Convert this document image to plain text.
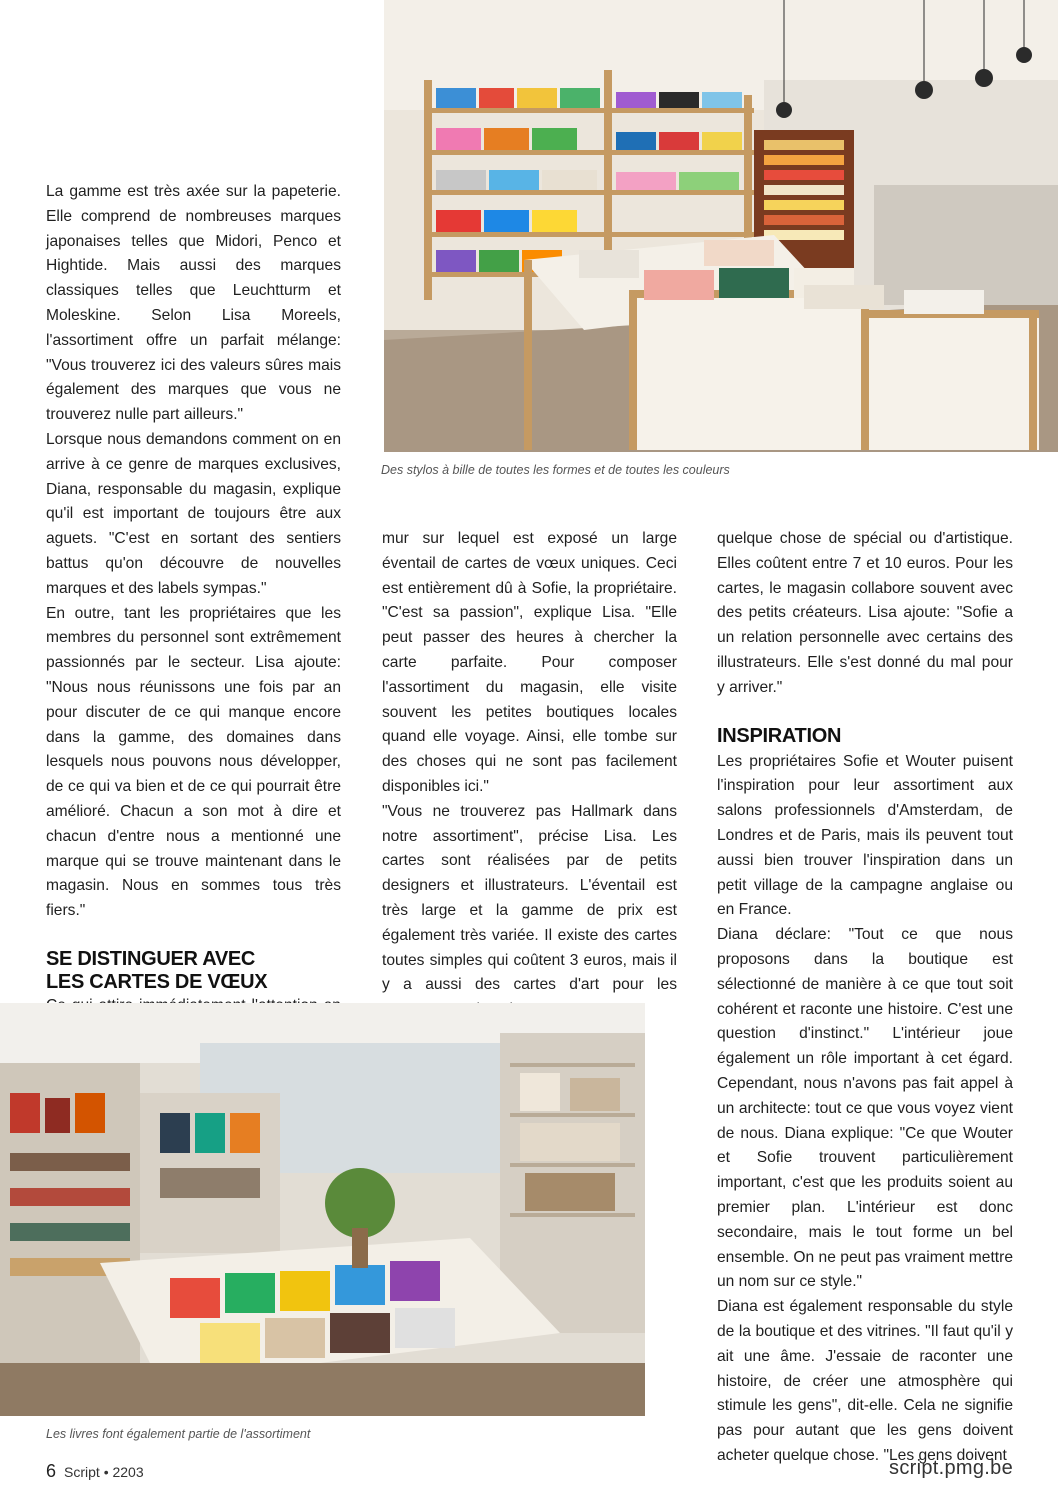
Des stylos à bille de toutes les formes et de toutes les couleurs

La gamme est très axée sur la papeterie. Elle comprend de nombreuses marques japonaises telles que Midori, Penco et Hightide. Mais aussi des marques classiques telles que Leuchtturm et Moleskine. Selon Lisa Moreels, l'assortiment offre un parfait mélange: "Vous trouverez ici des valeurs sûres mais également des marques que vous ne trouverez nulle part ailleurs."

Lorsque nous demandons comment on en arrive à ce genre de marques exclusives, Diana, responsable du magasin, explique qu'il est important de toujours être aux aguets. "C'est en sortant des sentiers battus qu'on découvre de nouvelles marques et des labels sympas."

En outre, tant les propriétaires que les membres du personnel sont extrêmement passionnés par le secteur. Lisa ajoute: "Nous nous réunissons une fois par an pour discuter de ce qui manque encore dans la gamme, des domaines dans lesquels nous pouvons nous développer, de ce qui va bien et de ce qui pourrait être amélioré. Chacun a son mot à dire et chacun d'entre nous a mentionné une marque qui se trouve maintenant dans le magasin. Nous en sommes tous très fiers."

SE DISTINGUER AVEC
LES CARTES DE VŒUX

mur sur lequel est exposé un large éventail de cartes de vœux uniques. Ceci est entièrement dû à Sofie, la propriétaire. "C'est sa passion", explique Lisa. "Elle peut passer des heures à chercher la carte parfaite. Pour composer l'assortiment du magasin, elle visite souvent les petites boutiques locales quand elle voyage. Ainsi, elle tombe sur des choses qui ne sont pas facilement disponibles ici."

"Vous ne trouverez pas Hallmark dans notre assortiment", précise Lisa. Les cartes sont réalisées par de petits designers et illustrateurs. L'éventail est très large et la gamme de prix est également très variée. Il existe des cartes toutes simples qui coûtent 3 euros, mais il y a aussi des cartes d'art pour les

quelque chose de spécial ou d'artistique. Elles coûtent entre 7 et 10 euros. Pour les cartes, le magasin collabore souvent avec des petits créateurs. Lisa ajoute: "Sofie a un relation personnelle avec certains des illustrateurs. Elle s'est donné du mal pour y arriver."

INSPIRATION

Les propriétaires Sofie et Wouter puisent l'inspiration pour leur assortiment aux salons professionnels d'Amsterdam, de Londres et de Paris, mais ils peuvent tout aussi bien trouver l'inspiration dans un petit village de la campagne anglaise ou en France.

Diana déclare: "Tout ce que nous proposons dans la boutique est sélectionné de manière à ce que tout soit cohérent et raconte une histoire. C'est une question d'instinct." L'intérieur joue également un rôle important à cet égard. Cependant, nous n'avons pas fait appel à un architecte: tout ce que vous voyez vient de nous. Diana explique: "Ce que Wouter et Sofie trouvent particulièrement important, c'est que les produits soient au premier plan. L'intérieur est donc secondaire, mais le tout forme un bel ensemble. On ne peut pas vraiment mettre un nom sur ce style."

Diana est également responsable du style de la boutique et des vitrines. "Il faut qu'il y ait une âme. J'essaie de raconter une histoire, de créer une atmosphère qui stimule les gens", dit-elle. Cela ne signifie pas pour autant que les gens doivent acheter quelque chose. "Les gens doivent

Les livres font également partie de l'assortiment
6 Script • 2203	script.pmg.be
